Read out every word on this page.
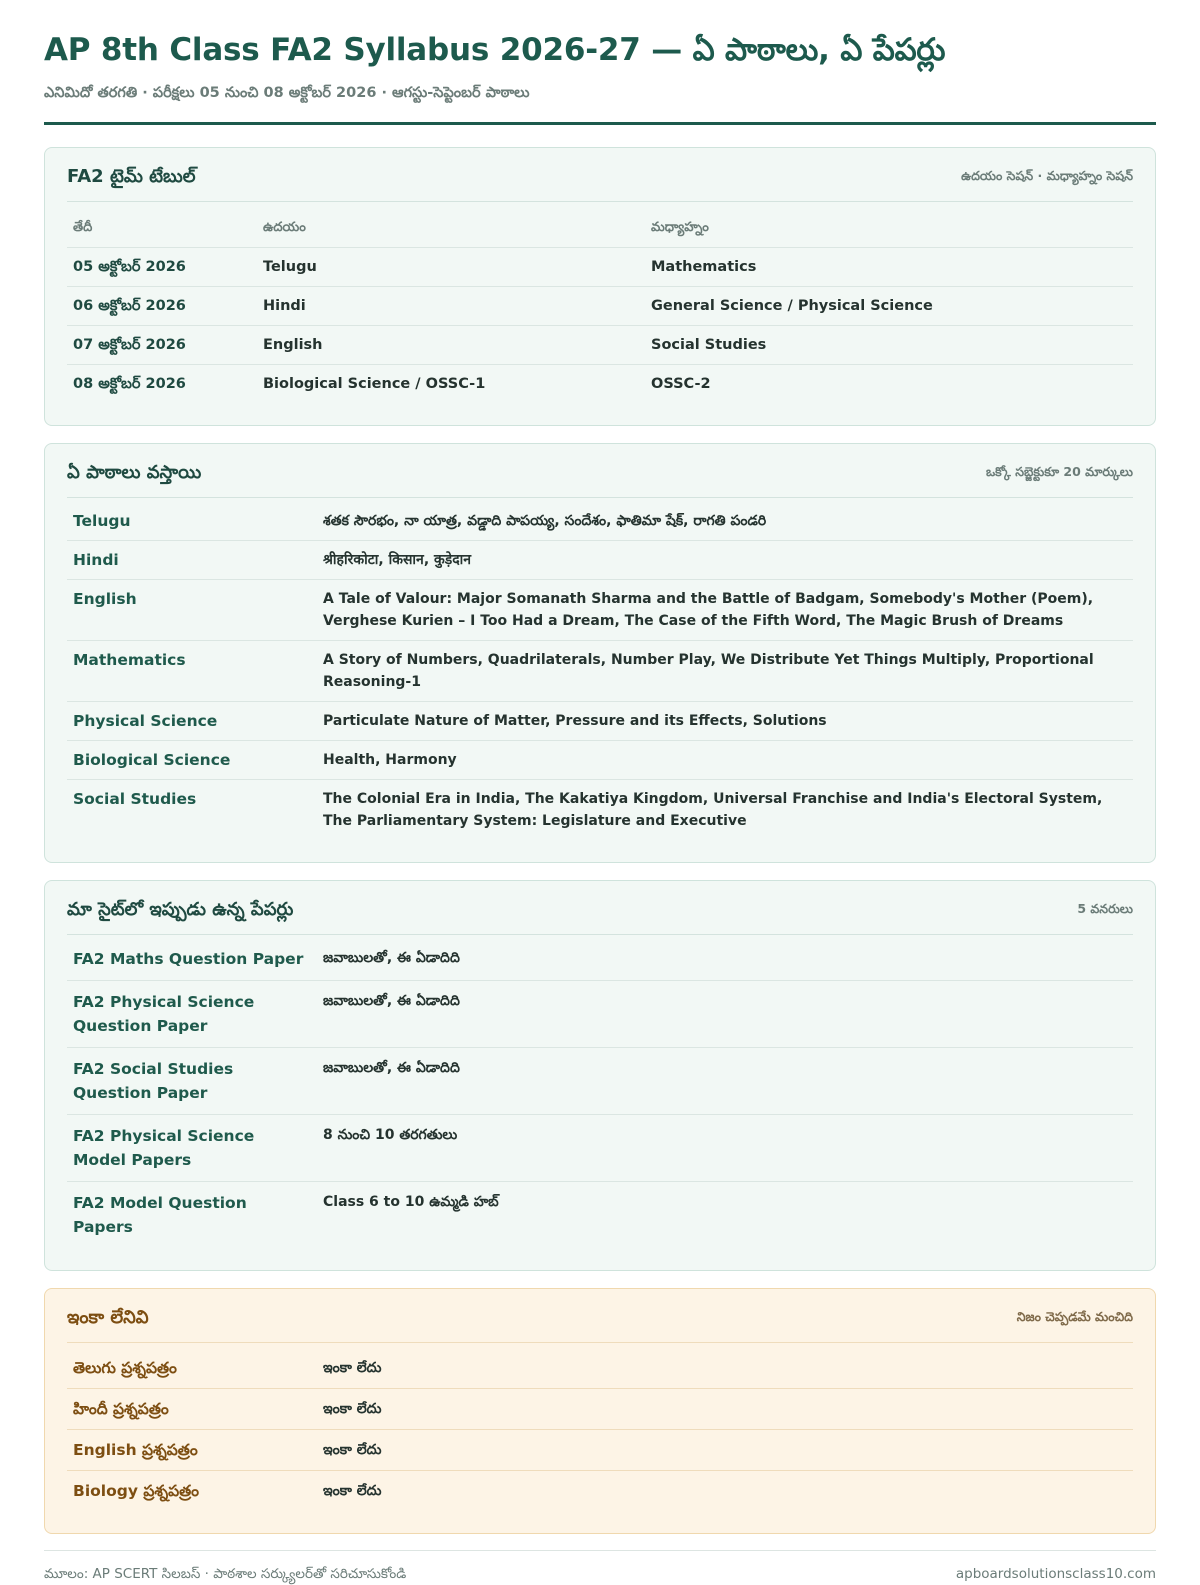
AP 8th Class FA2 Syllabus 2026-27 — ఏ పాఠాలు, ఏ పేపర్లు
ఎనిమిదో తరగతి · పరీక్షలు 05 నుంచి 08 అక్టోబర్ 2026 · ఆగస్టు-సెప్టెంబర్ పాఠాలు
FA2 టైమ్ టేబుల్	ఉదయం సెషన్ · మధ్యాహ్నం సెషన్
తేదీ	ఉదయం	మధ్యాహ్నం
05 అక్టోబర్ 2026	Telugu	Mathematics
06 అక్టోబర్ 2026	Hindi	General Science / Physical Science
07 అక్టోబర్ 2026	English	Social Studies
08 అక్టోబర్ 2026	Biological Science / OSSC-1	OSSC-2
ఏ పాఠాలు వస్తాయి	ఒక్కో సబ్జెక్టుకూ 20 మార్కులు
Telugu	శతక సౌరభం, నా యాత్ర, వడ్డాది పాపయ్య, సందేశం, ఫాతిమా షేక్, రాగతి పండరి
Hindi	श्रीहरिकोटा, किसान, कुड़ेदान
English	A Tale of Valour: Major Somanath Sharma and the Battle of Badgam, Somebody's Mother (Poem), Verghese Kurien – I Too Had a Dream, The Case of the Fifth Word, The Magic Brush of Dreams
Mathematics	A Story of Numbers, Quadrilaterals, Number Play, We Distribute Yet Things Multiply, Proportional Reasoning-1
Physical Science	Particulate Nature of Matter, Pressure and its Effects, Solutions
Biological Science	Health, Harmony
Social Studies	The Colonial Era in India, The Kakatiya Kingdom, Universal Franchise and India's Electoral System, The Parliamentary System: Legislature and Executive
మా సైట్‌లో ఇప్పుడు ఉన్న పేపర్లు	5 వనరులు
FA2 Maths Question Paper	జవాబులతో, ఈ ఏడాదిది
FA2 Physical Science Question Paper	జవాబులతో, ఈ ఏడాదిది
FA2 Social Studies Question Paper	జవాబులతో, ఈ ఏడాదిది
FA2 Physical Science Model Papers	8 నుంచి 10 తరగతులు
FA2 Model Question Papers	Class 6 to 10 ఉమ్మడి హబ్
ఇంకా లేనివి	నిజం చెప్పడమే మంచిది
తెలుగు ప్రశ్నపత్రం	ఇంకా లేదు
హిందీ ప్రశ్నపత్రం	ఇంకా లేదు
English ప్రశ్నపత్రం	ఇంకా లేదు
Biology ప్రశ్నపత్రం	ఇంకా లేదు
మూలం: AP SCERT సిలబస్ · పాఠశాల సర్క్యులర్‌తో సరిచూసుకోండి	apboardsolutionsclass10.com
